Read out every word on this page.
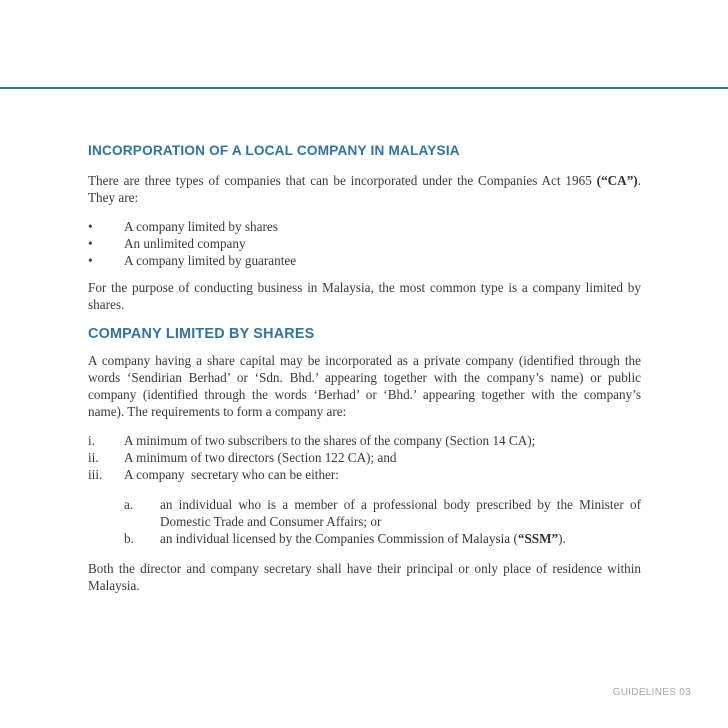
INCORPORATION OF A LOCAL COMPANY IN MALAYSIA

There are three types of companies that can be incorporated under the Companies Act 1965 (“CA”). They are:

•	A company limited by shares
•	An unlimited company
•	A company limited by guarantee

For the purpose of conducting business in Malaysia, the most common type is a company limited by shares.

COMPANY LIMITED BY SHARES

A company having a share capital may be incorporated as a private company (identified through the words ‘Sendirian Berhad’ or ‘Sdn. Bhd.’ appearing together with the company’s name) or public company (identified through the words ‘Berhad’ or ‘Bhd.’ appearing together with the company’s name). The requirements to form a company are:

i.	A minimum of two subscribers to the shares of the company (Section 14 CA);
ii.	A minimum of two directors (Section 122 CA); and
iii.	A company  secretary who can be either:
a.	an individual who is a member of a professional body prescribed by the Minister of Domestic Trade and Consumer Affairs; or
b.	an individual licensed by the Companies Commission of Malaysia (“SSM”).

Both the director and company secretary shall have their principal or only place of residence within Malaysia.

GUIDELINES 03
